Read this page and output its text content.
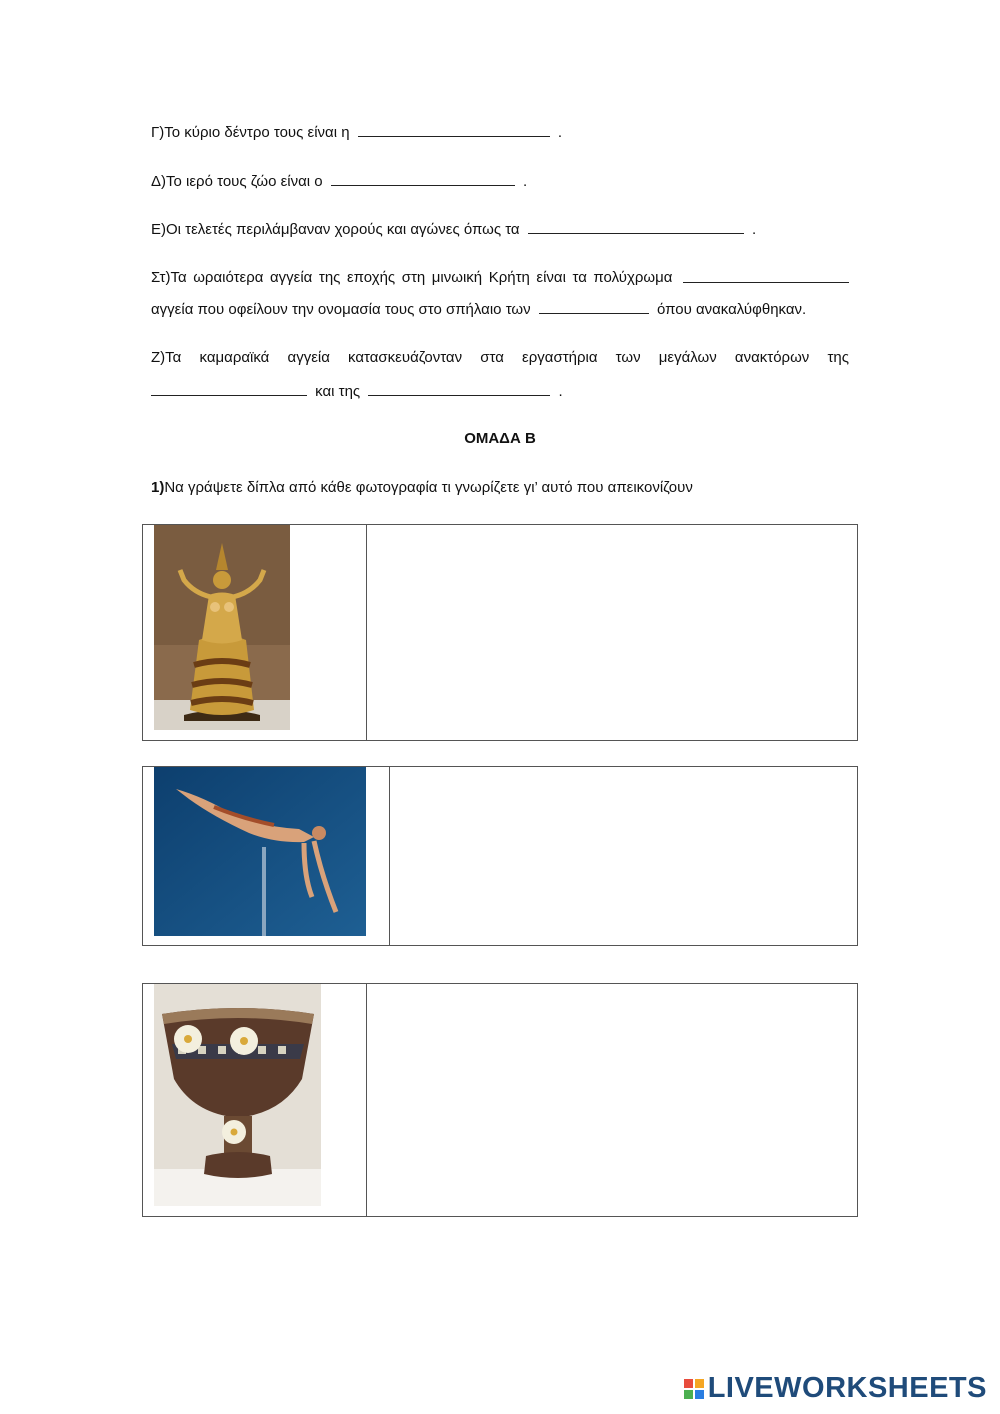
Γ)Το κύριο δέντρο τους είναι η	.
Δ)Το ιερό τους ζώο είναι ο	.
Ε)Οι τελετές περιλάμβαναν χορούς και αγώνες όπως τα	.
Στ)Τα ωραιότερα αγγεία της εποχής στη μινωική Κρήτη είναι τα πολύχρωμα
αγγεία που οφείλουν την ονομασία τους στο σπήλαιο των	όπου ανακαλύφθηκαν.
Ζ)Τα καμαραϊκά αγγεία κατασκευάζονταν στα εργαστήρια των μεγάλων ανακτόρων της
και της	.
ΟΜΑΔΑ Β
1)Να γράψετε δίπλα από κάθε φωτογραφία τι γνωρίζετε γι’ αυτό που απεικονίζουν
LIVEWORKSHEETS
